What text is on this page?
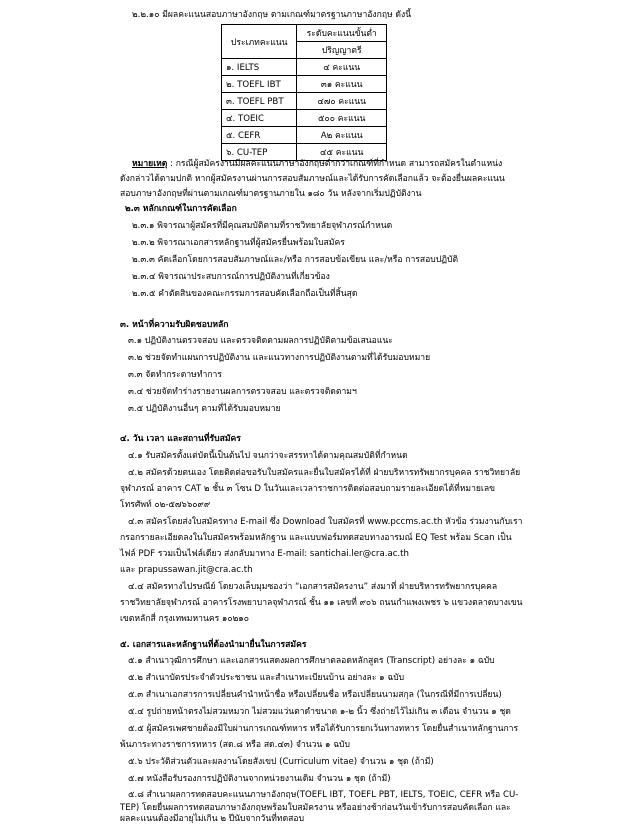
๒.๒.๑๐ มีผลคะแนนสอบภาษาอังกฤษ ตามเกณฑ์มาตรฐานภาษาอังกฤษ ดังนี้
ประเภทคะแนน	ระดับคะแนนขั้นต่ำ
	ปริญญาตรี
๑. IELTS	๔ คะแนน
๒. TOEFL IBT	๓๑ คะแนน
๓. TOEFL PBT	๔๗๐ คะแนน
๔. TOEIC	๕๐๐ คะแนน
๕. CEFR	A๒ คะแนน
๖. CU-TEP	๔๕ คะแนน
หมายเหตุ : กรณีผู้สมัครงานมีผลคะแนนภาษาอังกฤษต่ำกว่าเกณฑ์ที่กำหนด สามารถสมัครในตำแหน่ง
ดังกล่าวได้ตามปกติ หากผู้สมัครงานผ่านการสอบสัมภาษณ์และได้รับการคัดเลือกแล้ว จะต้องยื่นผลคะแนน
สอบภาษาอังกฤษที่ผ่านตามเกณฑ์มาตรฐานภายใน ๑๘๐ วัน หลังจากเริ่มปฏิบัติงาน
๒.๓ หลักเกณฑ์ในการคัดเลือก
๒.๓.๑ พิจารณาผู้สมัครที่มีคุณสมบัติตามที่ราชวิทยาลัยจุฬาภรณ์กำหนด
๒.๓.๒ พิจารณาเอกสารหลักฐานที่ผู้สมัครยื่นพร้อมใบสมัคร
๒.๓.๓ คัดเลือกโดยการสอบสัมภาษณ์และ/หรือ การสอบข้อเขียน และ/หรือ การสอบปฏิบัติ
๒.๓.๔ พิจารณาประสบการณ์การปฏิบัติงานที่เกี่ยวข้อง
๒.๓.๕ คำตัดสินของคณะกรรมการสอบคัดเลือกถือเป็นที่สิ้นสุด
๓. หน้าที่ความรับผิดชอบหลัก
๓.๑ ปฏิบัติงานตรวจสอบ และตรวจติดตามผลการปฏิบัติตามข้อเสนอแนะ
๓.๒ ช่วยจัดทำแผนการปฏิบัติงาน และแนวทางการปฏิบัติงานตามที่ได้รับมอบหมาย
๓.๓ จัดทำกระดาษทำการ
๓.๔ ช่วยจัดทำร่างรายงานผลการตรวจสอบ และตรวจติดตามฯ
๓.๕ ปฏิบัติงานอื่นๆ ตามที่ได้รับมอบหมาย
๔. วัน เวลา และสถานที่รับสมัคร
๔.๑ รับสมัครตั้งแต่บัดนี้เป็นต้นไป จนกว่าจะสรรหาได้ตามคุณสมบัติที่กำหนด
๔.๒ สมัครด้วยตนเอง โดยติดต่อขอรับใบสมัครและยื่นใบสมัครได้ที่ ฝ่ายบริหารทรัพยากรบุคคล ราชวิทยาลัย
จุฬาภรณ์ อาคาร CAT ๒ ชั้น ๓ โซน D ในวันและเวลาราชการติดต่อสอบถามรายละเอียดได้ที่หมายเลข
โทรศัพท์ ๐๒-๕๗๖๖๐๙๙
๔.๓ สมัครโดยส่งใบสมัครทาง E-mail ซึ่ง Download ใบสมัครที่ www.pccms.ac.th หัวข้อ ร่วมงานกับเรา
กรอกรายละเอียดลงในใบสมัครพร้อมหลักฐาน และแบบฟอร์มทดสอบทางอารมณ์ EQ Test พร้อม Scan เป็น
ไฟล์ PDF รวมเป็นไฟล์เดียว ส่งกลับมาทาง E-mail: santichai.ler@cra.ac.th
และ prapussawan.jit@cra.ac.th
๔.๔ สมัครทางไปรษณีย์ โดยวงเล็บมุมซองว่า “เอกสารสมัครงาน” ส่งมาที่ ฝ่ายบริหารทรัพยากรบุคคล
ราชวิทยาลัยจุฬาภรณ์ อาคารโรงพยาบาลจุฬาภรณ์ ชั้น ๑๑ เลขที่ ๙๐๖ ถนนกำแพงเพชร ๖ แขวงตลาดบางเขน
เขตหลักสี่ กรุงเทพมหานคร ๑๐๒๑๐
๕. เอกสารและหลักฐานที่ต้องนำมายื่นในการสมัคร
๕.๑ สำเนาวุฒิการศึกษา และเอกสารแสดงผลการศึกษาตลอดหลักสูตร (Transcript) อย่างละ ๑ ฉบับ
๕.๒ สำเนาบัตรประจำตัวประชาชน และสำเนาทะเบียนบ้าน อย่างละ ๑ ฉบับ
๕.๓ สำเนาเอกสารการเปลี่ยนคำนำหน้าชื่อ หรือเปลี่ยนชื่อ หรือเปลี่ยนนามสกุล (ในกรณีที่มีการเปลี่ยน)
๕.๔ รูปถ่ายหน้าตรงไม่สวมหมวก ไม่สวมแว่นตาดำขนาด ๑-๒ นิ้ว ซึ่งถ่ายไว้ไม่เกิน ๓ เดือน จำนวน ๑ ชุด
๕.๕ ผู้สมัครเพศชายต้องมีใบผ่านการเกณฑ์ทหาร หรือได้รับการยกเว้นทางทหาร โดยยื่นสำเนาหลักฐานการ
พ้นภาระทางราชการทหาร (สด.๘ หรือ สด.๔๓) จำนวน ๑ ฉบับ
๕.๖ ประวัติส่วนตัวและผลงานโดยสังเขป (Curriculum vitae) จำนวน ๑ ชุด (ถ้ามี)
๕.๗ หนังสือรับรองการปฏิบัติงานจากหน่วยงานเดิม จำนวน ๑ ชุด (ถ้ามี)
๕.๘ สำเนาผลการทดสอบคะแนนภาษาอังกฤษ(TOEFL IBT, TOEFL PBT, IELTS, TOEIC, CEFR หรือ CU-
TEP) โดยยื่นผลการทดสอบภาษาอังกฤษพร้อมใบสมัครงาน หรืออย่างช้าก่อนวันเข้ารับการสอบคัดเลือก และ
ผลคะแนนต้องมีอายุไม่เกิน ๒ ปีนับจากวันที่ทดสอบ
